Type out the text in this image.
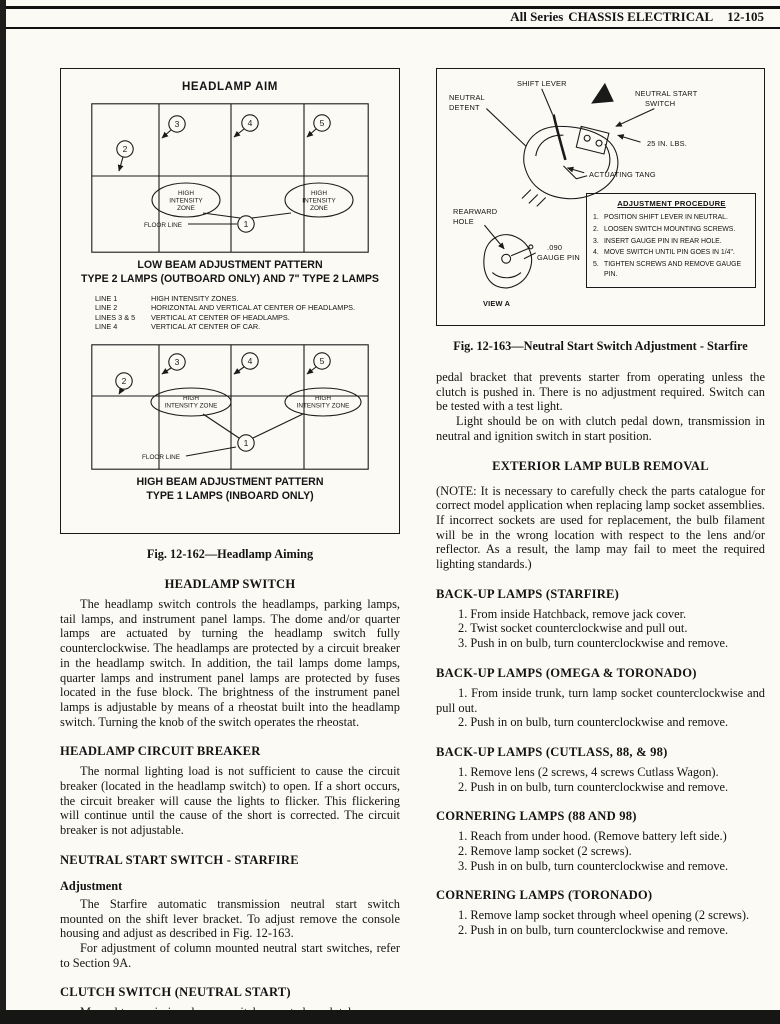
All Series CHASSIS ELECTRICAL 12-105
HEADLAMP AIM
3	4	5
2
1
HIGH
INTENSITY
ZONE
HIGH
INTENSITY
ZONE
FLOOR LINE
LOW BEAM ADJUSTMENT PATTERN
TYPE 2 LAMPS (OUTBOARD ONLY) AND 7" TYPE 2 LAMPS
LINE 1	HIGH INTENSITY ZONES.
LINE 2	HORIZONTAL AND VERTICAL AT CENTER OF HEADLAMPS.
LINES 3 & 5	VERTICAL AT CENTER OF HEADLAMPS.
LINE 4	VERTICAL AT CENTER OF CAR.
3	4	5
2
1
HIGH
INTENSITY ZONE
HIGH
INTENSITY ZONE
FLOOR LINE
HIGH BEAM ADJUSTMENT PATTERN
TYPE 1 LAMPS (INBOARD ONLY)
Fig. 12-162—Headlamp Aiming
HEADLAMP SWITCH

The headlamp switch controls the headlamps, parking lamps, tail lamps, and instrument panel lamps. The dome and/or quarter lamps are actuated by turning the headlamp switch fully counterclockwise. The headlamps are protected by a circuit breaker in the headlamp switch. In addition, the tail lamps dome lamps, quarter lamps and instrument panel lamps are protected by fuses located in the fuse block. The brightness of the instrument panel lamps is adjustable by means of a rheostat built into the headlamp switch. Turning the knob of the switch operates the rheostat.

HEADLAMP CIRCUIT BREAKER

The normal lighting load is not sufficient to cause the circuit breaker (located in the headlamp switch) to open. If a short occurs, the circuit breaker will cause the lights to flicker. This flickering will continue until the cause of the short is corrected. The circuit breaker is not adjustable.

NEUTRAL START SWITCH - STARFIRE
Adjustment

The Starfire automatic transmission neutral start switch mounted on the shift lever bracket. To adjust remove the console housing and adjust as described in Fig. 12-163.

For adjustment of column mounted neutral start switches, refer to Section 9A.

CLUTCH SWITCH (NEUTRAL START)

SHIFT LEVER
NEUTRAL
DETENT
NEUTRAL START
SWITCH
25 IN. LBS.
ACTUATING TANG
REARWARD
HOLE
.090
GAUGE PIN
VIEW A
ADJUSTMENT PROCEDURE
1. POSITION SHIFT LEVER IN NEUTRAL.
2. LOOSEN SWITCH MOUNTING SCREWS.
3. INSERT GAUGE PIN IN REAR HOLE.
4. MOVE SWITCH UNTIL PIN GOES IN 1/4".
5. TIGHTEN SCREWS AND REMOVE GAUGE PIN.
Fig. 12-163—Neutral Start Switch Adjustment - Starfire

pedal bracket that prevents starter from operating unless the clutch is pushed in. There is no adjustment required. Switch can be tested with a test light.

Light should be on with clutch pedal down, transmission in neutral and ignition switch in start position.

EXTERIOR LAMP BULB REMOVAL

(NOTE: It is necessary to carefully check the parts catalogue for correct model application when replacing lamp socket assemblies. If incorrect sockets are used for replacement, the bulb filament will be in the wrong location with respect to the lens and/or reflector. As a result, the lamp may fail to meet the required lighting standards.)

BACK-UP LAMPS (STARFIRE)

1. From inside Hatchback, remove jack cover.

2. Twist socket counterclockwise and pull out.

3. Push in on bulb, turn counterclockwise and remove.

BACK-UP LAMPS (OMEGA & TORONADO)

1. From inside trunk, turn lamp socket counterclockwise and pull out.

2. Push in on bulb, turn counterclockwise and remove.

BACK-UP LAMPS (CUTLASS, 88, & 98)

1. Remove lens (2 screws, 4 screws Cutlass Wagon).

2. Push in on bulb, turn counterclockwise and remove.

CORNERING LAMPS (88 AND 98)

1. Reach from under hood. (Remove battery left side.)

2. Remove lamp socket (2 screws).

3. Push in on bulb, turn counterclockwise and remove.

CORNERING LAMPS (TORONADO)

1. Remove lamp socket through wheel opening (2 screws).

2. Push in on bulb, turn counterclockwise and remove.
